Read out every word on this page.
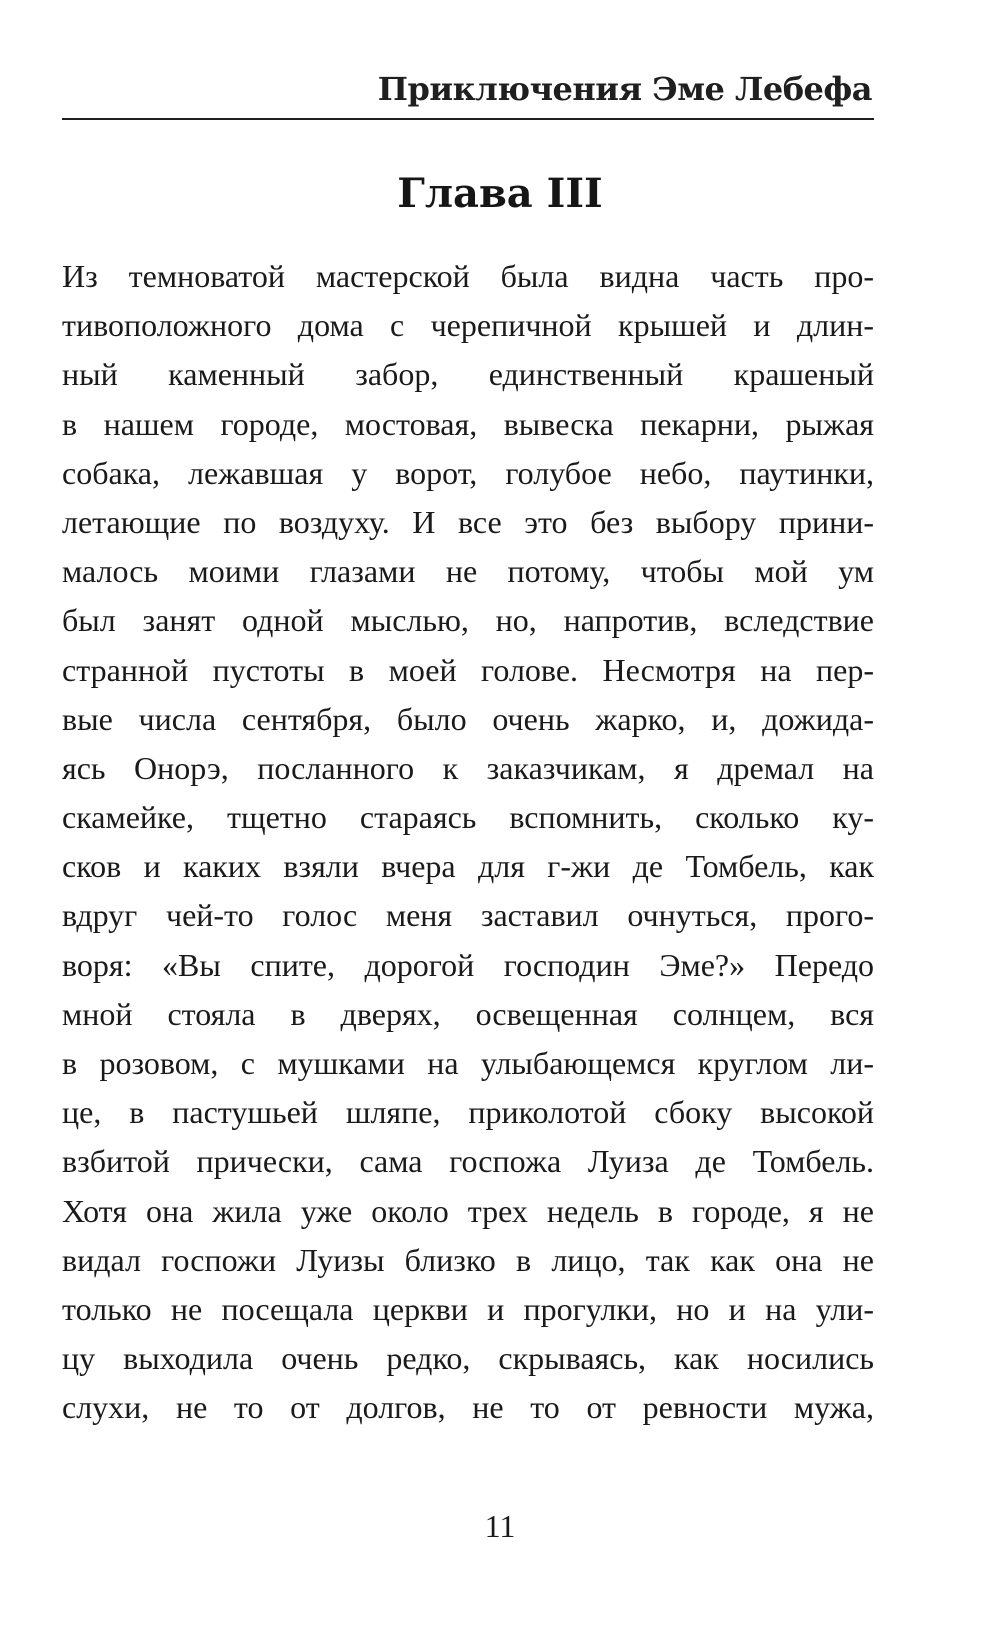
Приключения Эме Лебефа
Глава III
Из темноватой мастерской была видна часть про-
тивоположного дома с черепичной крышей и длин-
ный каменный забор, единственный крашеный
в нашем городе, мостовая, вывеска пекарни, рыжая
собака, лежавшая у ворот, голубое небо, паутинки,
летающие по воздуху. И все это без выбору прини-
малось моими глазами не потому, чтобы мой ум
был занят одной мыслью, но, напротив, вследствие
странной пустоты в моей голове. Несмотря на пер-
вые числа сентября, было очень жарко, и, дожида-
ясь Онорэ, посланного к заказчикам, я дремал на
скамейке, тщетно стараясь вспомнить, сколько ку-
сков и каких взяли вчера для г-жи де Томбель, как
вдруг чей-то голос меня заставил очнуться, прого-
воря: «Вы спите, дорогой господин Эме?» Передо
мной стояла в дверях, освещенная солнцем, вся
в розовом, с мушками на улыбающемся круглом ли-
це, в пастушьей шляпе, приколотой сбоку высокой
взбитой прически, сама госпожа Луиза де Томбель.
Хотя она жила уже около трех недель в городе, я не
видал госпожи Луизы близко в лицо, так как она не
только не посещала церкви и прогулки, но и на ули-
цу выходила очень редко, скрываясь, как носились
слухи, не то от долгов, не то от ревности мужа,
11
